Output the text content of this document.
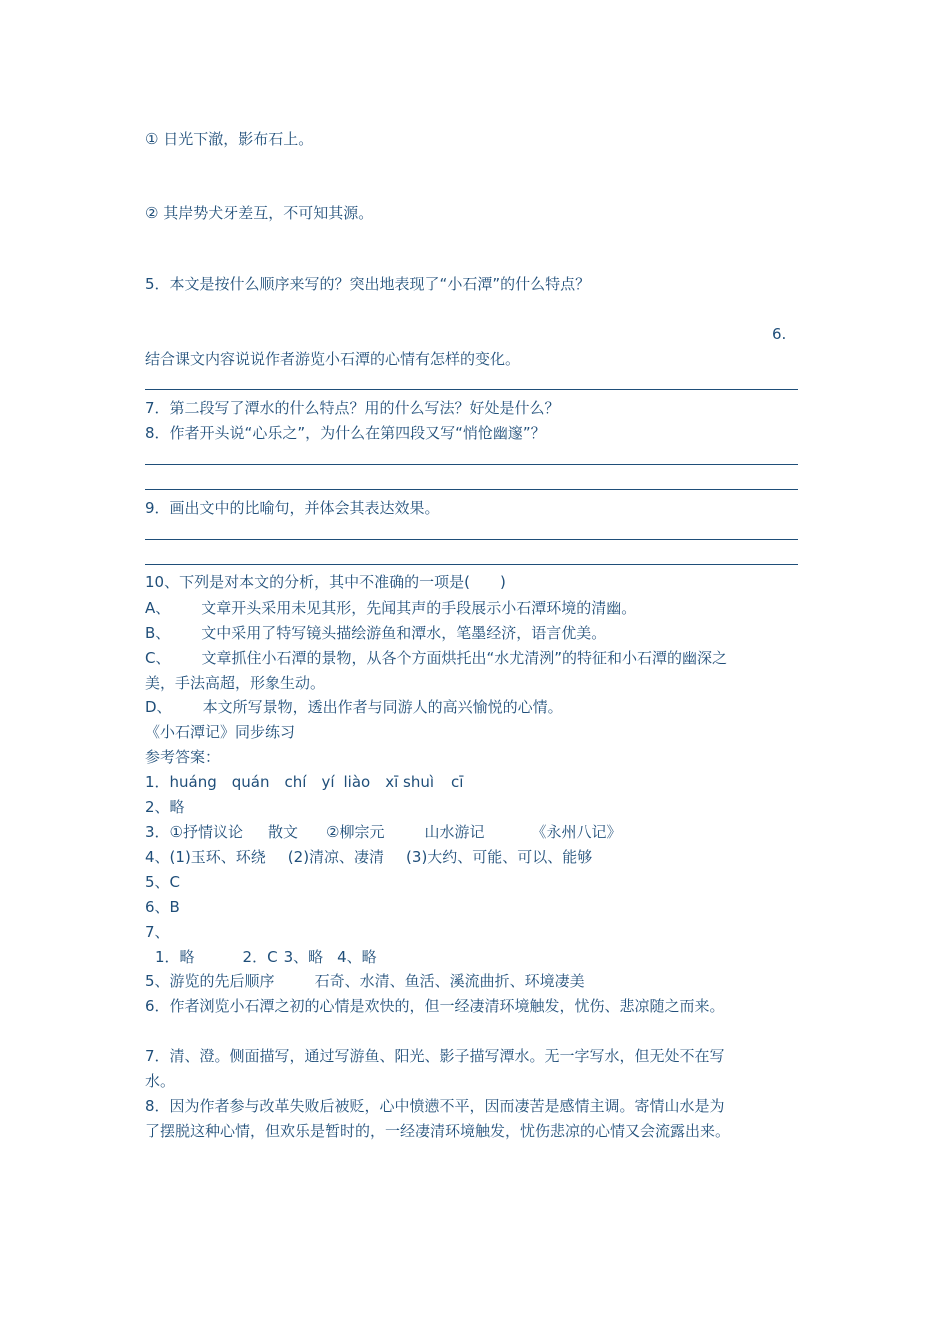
① 日光下澈，影布石上。
② 其岸势犬牙差互，不可知其源。
5．本文是按什么顺序来写的？突出地表现了“小石潭”的什么特点？
6.
结合课文内容说说作者游览小石潭的心情有怎样的变化。
7．第二段写了潭水的什么特点？用的什么写法？好处是什么？
8．作者开头说“心乐之”，为什么在第四段又写“悄怆幽邃”？
9．画出文中的比喻句，并体会其表达效果。
10、下列是对本文的分析，其中不准确的一项是(　　)
A、 文章开头采用未见其形，先闻其声的手段展示小石潭环境的清幽。
B、 文中采用了特写镜头描绘游鱼和潭水，笔墨经济，语言优美。
C、 文章抓住小石潭的景物，从各个方面烘托出“水尤清洌”的特征和小石潭的幽深之
美，手法高超，形象生动。
D、 本文所写景物，透出作者与同游人的高兴愉悦的心情。
《小石潭记》同步练习
参考答案：
1．huáng quán chí yí liào xī shuì cī
2、略
3．①抒情议论 散文 ②柳宗元	山水游记	《永州八记》
4、(1)玉环、环绕 (2)清凉、凄清 (3)大约、可能、可以、能够
5、C
6、B
7、
1．略	2．C 3、略 4、略
5、游览的先后顺序	石奇、水清、鱼活、溪流曲折、环境凄美
6．作者浏览小石潭之初的心情是欢快的，但一经凄清环境触发，忧伤、悲凉随之而来。
7．清、澄。侧面描写，通过写游鱼、阳光、影子描写潭水。无一字写水，但无处不在写
水。
8．因为作者参与改革失败后被贬，心中愤懑不平，因而凄苦是感情主调。寄情山水是为
了摆脱这种心情，但欢乐是暂时的，一经凄清环境触发，忧伤悲凉的心情又会流露出来。
